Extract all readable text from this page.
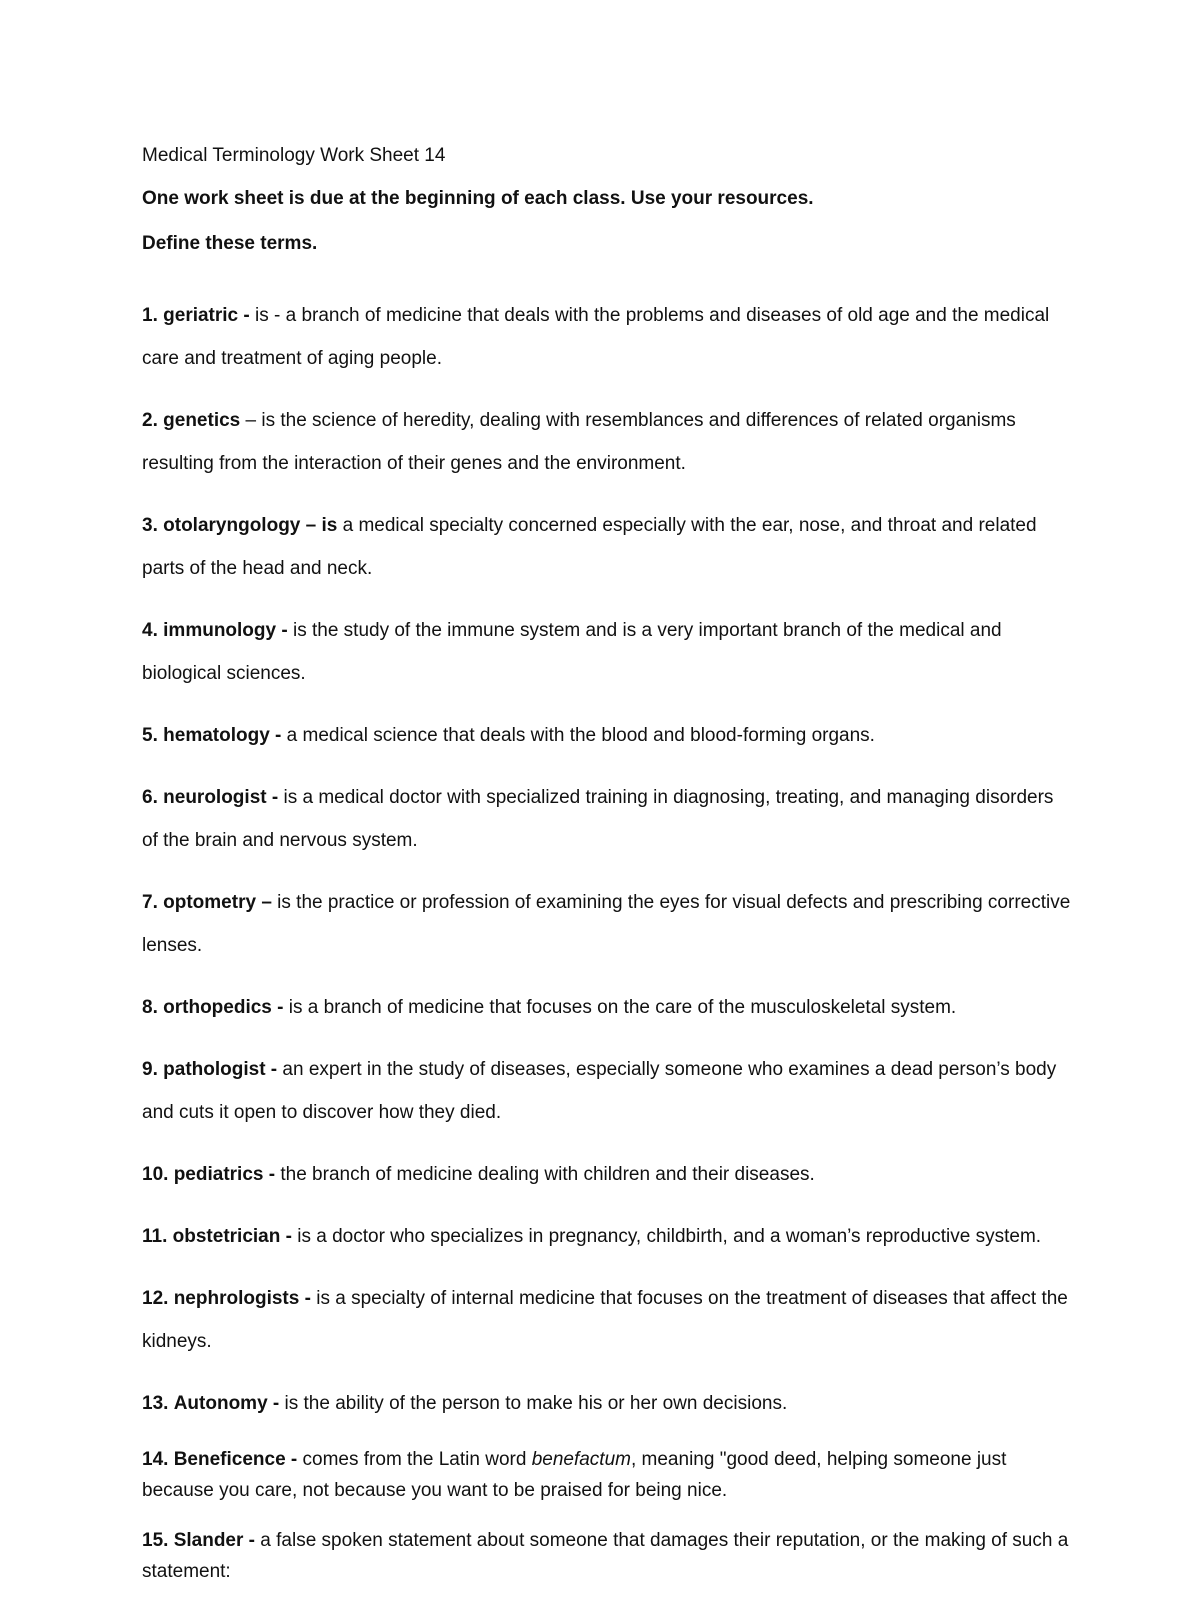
Medical Terminology Work Sheet 14

One work sheet is due at the beginning of each class. Use your resources.

Define these terms.

1. geriatric - is - a branch of medicine that deals with the problems and diseases of old age and the medical care and treatment of aging people.

2. genetics – is the science of heredity, dealing with resemblances and differences of related organisms resulting from the interaction of their genes and the environment.

3. otolaryngology – is a medical specialty concerned especially with the ear, nose, and throat and related parts of the head and neck.

4. immunology - is the study of the immune system and is a very important branch of the medical and biological sciences.

5. hematology - a medical science that deals with the blood and blood-forming organs.

6. neurologist - is a medical doctor with specialized training in diagnosing, treating, and managing disorders of the brain and nervous system.

7. optometry – is the practice or profession of examining the eyes for visual defects and prescribing corrective lenses.

8. orthopedics - is a branch of medicine that focuses on the care of the musculoskeletal system.

9. pathologist - an expert in the study of diseases, especially someone who examines a dead person’s body and cuts it open to discover how they died.

10. pediatrics - the branch of medicine dealing with children and their diseases.

11. obstetrician - is a doctor who specializes in pregnancy, childbirth, and a woman’s reproductive system.

12. nephrologists - is a specialty of internal medicine that focuses on the treatment of diseases that affect the kidneys.

13. Autonomy - is the ability of the person to make his or her own decisions.

14. Beneficence - comes from the Latin word benefactum, meaning "good deed, helping someone just because you care, not because you want to be praised for being nice.

15. Slander - a false spoken statement about someone that damages their reputation, or the making of such a statement:
